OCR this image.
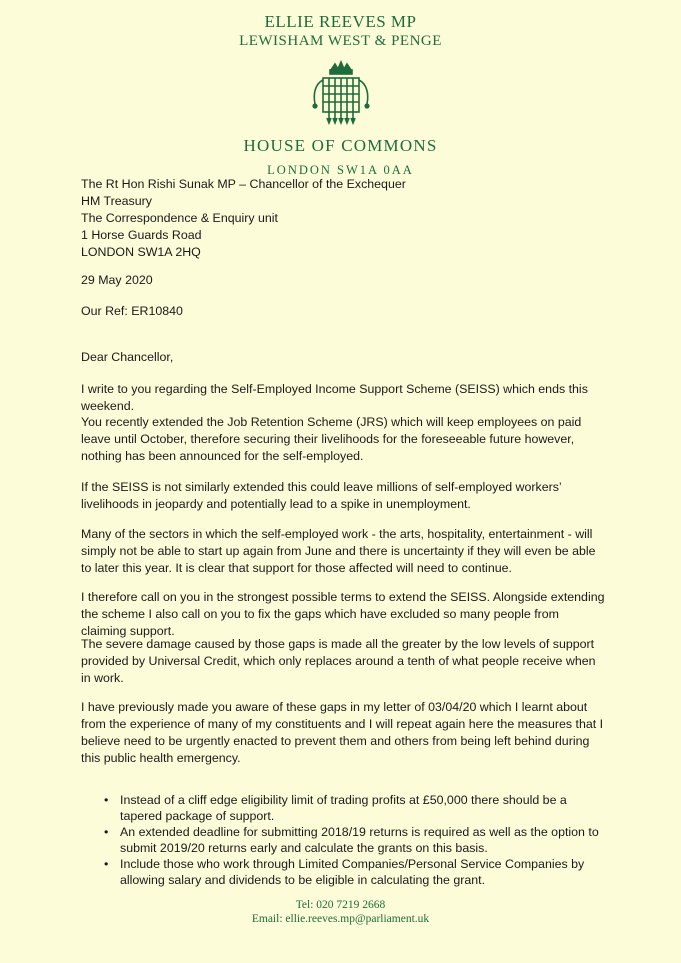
ELLIE REEVES MP
LEWISHAM WEST & PENGE
HOUSE OF COMMONS
LONDON SW1A 0AA
The Rt Hon Rishi Sunak MP – Chancellor of the Exchequer
HM Treasury
The Correspondence & Enquiry unit
1 Horse Guards Road
LONDON SW1A 2HQ
29 May 2020
Our Ref: ER10840
Dear Chancellor,

I write to you regarding the Self-Employed Income Support Scheme (SEISS) which ends this weekend.

You recently extended the Job Retention Scheme (JRS) which will keep employees on paid leave until October, therefore securing their livelihoods for the foreseeable future however, nothing has been announced for the self-employed.

If the SEISS is not similarly extended this could leave millions of self-employed workers’ livelihoods in jeopardy and potentially lead to a spike in unemployment.

Many of the sectors in which the self-employed work - the arts, hospitality, entertainment - will simply not be able to start up again from June and there is uncertainty if they will even be able to later this year. It is clear that support for those affected will need to continue.

I therefore call on you in the strongest possible terms to extend the SEISS. Alongside extending the scheme I also call on you to fix the gaps which have excluded so many people from claiming support.

The severe damage caused by those gaps is made all the greater by the low levels of support provided by Universal Credit, which only replaces around a tenth of what people receive when in work.

I have previously made you aware of these gaps in my letter of 03/04/20 which I learnt about from the experience of many of my constituents and I will repeat again here the measures that I believe need to be urgently enacted to prevent them and others from being left behind during this public health emergency.

• Instead of a cliff edge eligibility limit of trading profits at £50,000 there should be a tapered package of support.
• An extended deadline for submitting 2018/19 returns is required as well as the option to submit 2019/20 returns early and calculate the grants on this basis.
• Include those who work through Limited Companies/Personal Service Companies by allowing salary and dividends to be eligible in calculating the grant.
Tel: 020 7219 2668
Email: ellie.reeves.mp@parliament.uk
